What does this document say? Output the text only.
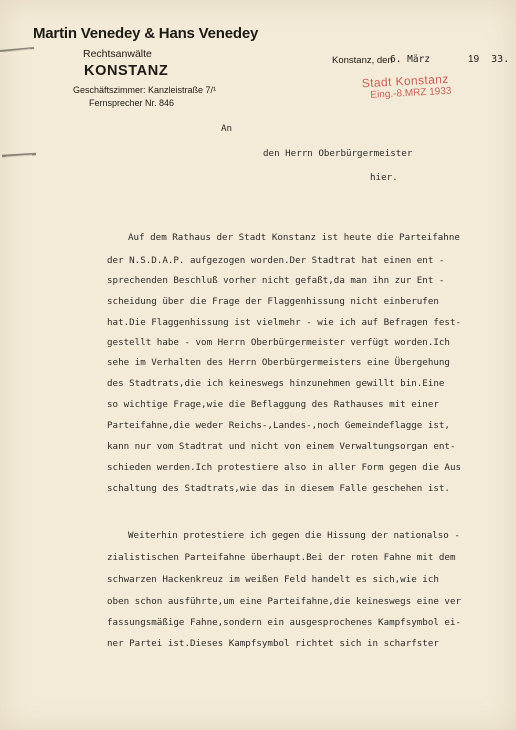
Martin Venedey & Hans Venedey
Rechtsanwälte
KONSTANZ
Geschäftszimmer: Kanzleistraße 7/¹
Fernsprecher Nr. 846
Konstanz, den
6. März	19 33.
Stadt Konstanz
Eing.-8.MRZ 1933
An
den Herrn Oberbürgermeister
hier.
Auf dem Rathaus der Stadt Konstanz ist heute die Parteifahne
der N.S.D.A.P. aufgezogen worden.Der Stadtrat hat einen ent -
sprechenden Beschluß vorher nicht gefaßt,da man ihn zur Ent -
scheidung über die Frage der Flaggenhissung nicht einberufen
hat.Die Flaggenhissung ist vielmehr - wie ich auf Befragen fest-
gestellt habe - vom Herrn Oberbürgermeister verfügt worden.Ich
sehe im Verhalten des Herrn Oberbürgermeisters eine Übergehung
des Stadtrats,die ich keineswegs hinzunehmen gewillt bin.Eine
so wichtige Frage,wie die Beflaggung des Rathauses mit einer
Parteifahne,die weder Reichs-,Landes-,noch Gemeindeflagge ist,
kann nur vom Stadtrat und nicht von einem Verwaltungsorgan ent-
schieden werden.Ich protestiere also in aller Form gegen die Aus
schaltung des Stadtrats,wie das in diesem Falle geschehen ist.
Weiterhin protestiere ich gegen die Hissung der nationalso -
zialistischen Parteifahne überhaupt.Bei der roten Fahne mit dem
schwarzen Hackenkreuz im weißen Feld handelt es sich,wie ich
oben schon ausführte,um eine Parteifahne,die keineswegs eine ver
fassungsmäßige Fahne,sondern ein ausgesprochenes Kampfsymbol ei-
ner Partei ist.Dieses Kampfsymbol richtet sich in scharfster
